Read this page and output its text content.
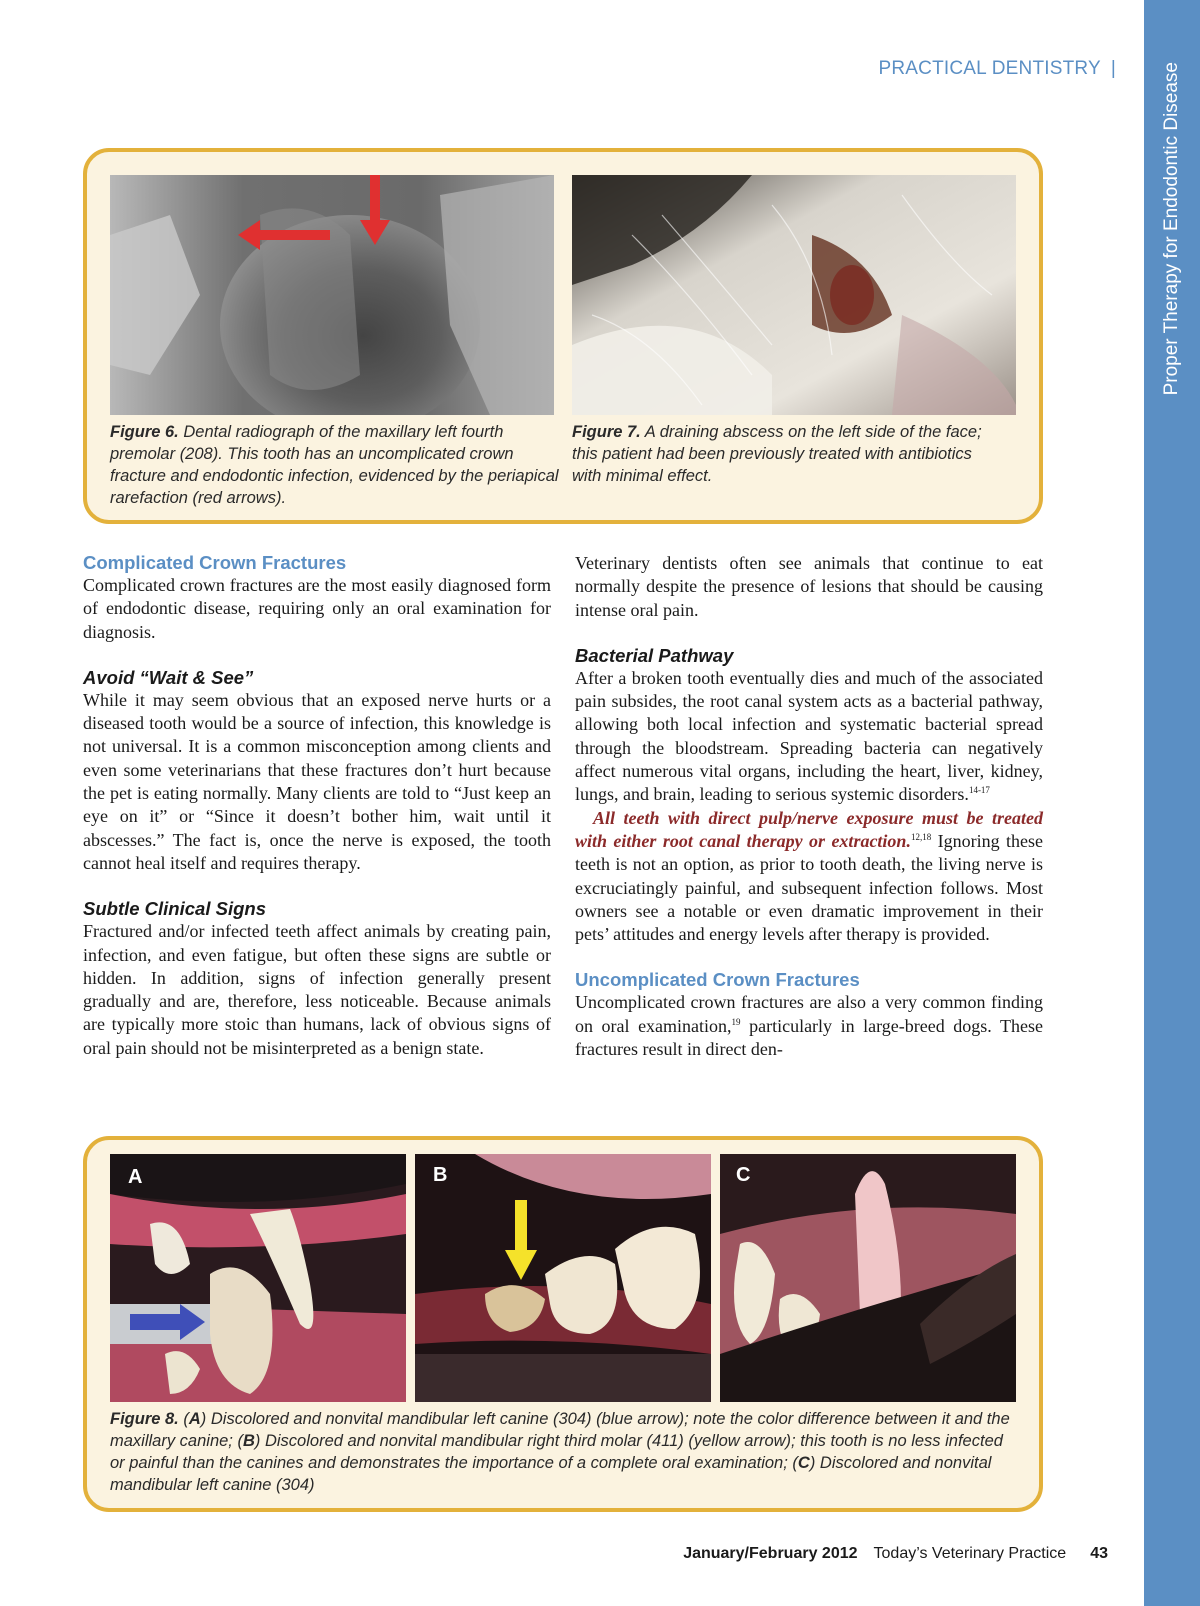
Proper Therapy for Endodontic Disease
PRACTICAL DENTISTRY |
Figure 6. Dental radiograph of the maxillary left fourth premolar (208). This tooth has an uncomplicated crown fracture and endodontic infection, evidenced by the periapical rarefaction (red arrows).
Figure 7. A draining abscess on the left side of the face; this patient had been previously treated with antibiotics with minimal effect.
Complicated Crown Fractures

Complicated crown fractures are the most easily diagnosed form of endodontic disease, requiring only an oral examination for diagnosis.

Avoid “Wait & See”

While it may seem obvious that an exposed nerve hurts or a diseased tooth would be a source of infection, this knowledge is not universal. It is a common misconception among clients and even some veterinarians that these fractures don’t hurt because the pet is eating normally. Many clients are told to “Just keep an eye on it” or “Since it doesn’t bother him, wait until it abscesses.” The fact is, once the nerve is exposed, the tooth cannot heal itself and requires therapy.

Subtle Clinical Signs

Fractured and/or infected teeth affect animals by creating pain, infection, and even fatigue, but often these signs are subtle or hidden. In addition, signs of infection generally present gradually and are, therefore, less noticeable. Because animals are typically more stoic than humans, lack of obvious signs of oral pain should not be misinterpreted as a benign state.

Veterinary dentists often see animals that continue to eat normally despite the presence of lesions that should be causing intense oral pain.

Bacterial Pathway

After a broken tooth eventually dies and much of the associated pain subsides, the root canal system acts as a bacterial pathway, allowing both local infection and systematic bacterial spread through the bloodstream. Spreading bacteria can negatively affect numerous vital organs, including the heart, liver, kidney, lungs, and brain, leading to serious systemic disorders.$^{14-17}$

All teeth with direct pulp/nerve exposure must be treated with either root canal therapy or extraction.$^{12,18}$ Ignoring these teeth is not an option, as prior to tooth death, the living nerve is excruciatingly painful, and subsequent infection follows. Most owners see a notable or even dramatic improvement in their pets’ attitudes and energy levels after therapy is provided.

Uncomplicated Crown Fractures

Uncomplicated crown fractures are also a very common finding on oral examination,$^{19}$ particularly in large-breed dogs. These fractures result in direct den-

A	B	C
Figure 8. (A) Discolored and nonvital mandibular left canine (304) (blue arrow); note the color difference between it and the maxillary canine; (B) Discolored and nonvital mandibular right third molar (411) (yellow arrow); this tooth is no less infected or painful than the canines and demonstrates the importance of a complete oral examination; (C) Discolored and nonvital mandibular left canine (304)
January/February 2012 Today’s Veterinary Practice 43
